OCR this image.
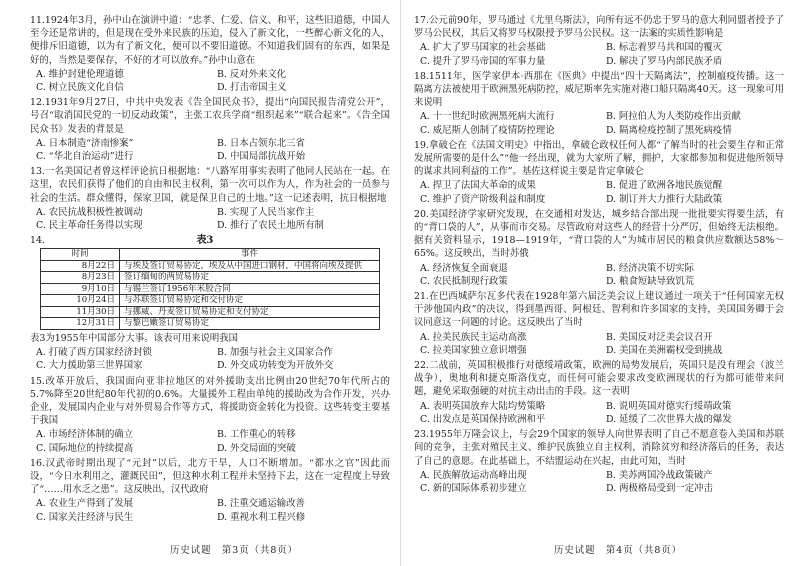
11.1924年3月，孙中山在演讲中道：“忠孝、仁爱、信义、和平，这些旧道德，中国人至今还是常讲的，但是现在受外来民族的压迫，侵入了新文化，一些醉心新文化的人，便排斥旧道德，以为有了新文化，便可以不要旧道德。不知道我们固有的东西，如果是好的，当然是要保存，不好的才可以放弃。”孙中山意在

A. 维护封建伦理道德	B. 反对外来文化
C. 树立民族文化自信	D. 打击帝国主义

12.1931年9月27日，中共中央发表《告全国民众书》，提出“向国民报告清党公开”，号召“取消国民党的一切反动政策”，主张工农兵学商“组织起来”“联合起来”。《告全国民众书》发表的背景是

A. 日本制造“济南惨案”	B. 日本占领东北三省
C. “华北自治运动”进行	D. 中国局部抗战开始

13.一名美国记者曾这样评论抗日根据地：“八路军用事实表明了他同人民站在一起。在这里，农民们获得了他们的自由和民主权利，第一次可以作为人，作为社会的一员参与社会的生活。群众懂得，保家卫国，就是保卫自己的土地。”这一记述表明，抗日根据地

A. 农民抗战积极性被调动	B. 实现了人民当家作主
C. 民主革命任务得以实现	D. 推行了农民土地所有制

14.	表3

时间	事件
8月22日	与埃及签订贸易协定，埃及从中国进口钢材，中国将向埃及提供
8月23日	签订缅甸的两贸易协定
9月10日	与锡兰签订1956年米胶合同
10月24日	与苏联签订贸易协定和交付协定
11月30日	与挪威、丹麦签订贸易协定和支付协定
12月31日	与黎巴嫩签订贸易协定

表3为1955年中国部分大事。该表可用来说明我国

A. 打破了西方国家经济封锁	B. 加强与社会主义国家合作
C. 大力援助第三世界国家	D. 外交成功转变为开放外交

15.改革开放后，我国面向亚非拉地区的对外援助支出比例由20世纪70年代所占的5.7%降至20世纪80年代初的0.6%。大量援外工程由单纯的援助改为合作开发，兴办企业，发展国内企业与对外贸易合作等方式，将援助资金转化为投资。这些转变主要基于我国

A. 市场经济体制的确立	B. 工作重心的转移
C. 国际地位的持续提高	D. 外交局面的突破

16.汉武帝时期出现了“元封”以后，北方干旱，人口不断增加。“都水之官”因此而设，“今日水利用之，灌溉民田”，但这种水利工程并未坚持下去，这在一定程度上导致了“……用水乏之患”。这反映出，汉代政府

A. 农业生产得到了发展	B. 注重交通运输改善
C. 国家关注经济与民生	D. 重视水利工程兴修
历史试题　第3页（共8页）

17.公元前90年，罗马通过《尤里乌斯法》，向所有远不仍忠于罗马的意大利同盟者授予了罗马公民权，其后又将罗马权限授予罗马公民权。这一法案的实质性影响是

A. 扩大了罗马国家的社会基础	B. 标志着罗马共和国的覆灭
C. 提升了罗马帝国的军事力量	D. 解决了罗马内部民族矛盾

18.1511年，医学家伊本·西那在《医典》中提出“四十天隔离法”，控制瘟疫传播。这一隔离方法被使用于欧洲黑死病防控，威尼斯率先实施对港口船只隔离40天。这一现象可用来说明

A. 十一世纪时欧洲黑死病大流行	B. 阿拉伯人为人类防疫作出贡献
C. 威尼斯人创制了疫情防控理论	D. 隔离检疫控制了黑死病疫情

19.拿破仑在《法国文明史》中指出，拿破仑政权任何人都“了解当时的社会要生存和正常发展所需要的是什么”“他一经出现，就为大家所了解，拥护，大家都参加和促进他所领导的谋求共同利益的工作”。基佐这样说主要是肯定拿破仑

A. 捍卫了法国大革命的成果	B. 促进了欧洲各地民族觉醒
C. 维护了资产阶级利益和制度	D. 制订并大力推行大陆政策

20.美国经济学家研究发现，在交通相对发达，城乡结合部出现一批批要实得要生活，有的“背口袋的人”，从事而市交易。尽管政府对这些人的经营十分严厉，但始终无法根绝。据有关资料显示，1918—1919年，“背口袋的人”为城市居民的粮食供应数额达58%～65%。这反映出，当时苏俄

A. 经济恢复全面衰退	B. 经济决策不切实际
C. 农民抵制现行政策	D. 粮食短缺导致饥荒

21.在巴西城萨尔瓦多代表在1928年第六届泛美会议上建议通过一项关于“任何国家无权干涉他国内政”的决议，得到墨西哥、阿根廷、智利和许多国家的支持，美国国务卿于会议同意这一问题的讨论。这反映出了当时

A. 拉美民族民主运动高涨	B. 美国反对泛美会议召开
C. 拉美国家独立意识增强	D. 美国在美洲霸权受到挑战

22.二战前，英国积极推行对德绥靖政策，欧洲的局势发展后，英国只是没有理会（波兰战争），奥地利和捷克斯洛伐克，而任何可能会要求改变欧洲现状的行为都可能带来问题，避免采取强硬的对抗主动出击的手段。这一表明

A. 表明英国放弃大陆均势策略	B. 说明英国对德实行绥靖政策
C. 出发点是英国保持欧洲和平	D. 延缓了二次世界大战的爆发

23.1955年万隆会议上，与会29个国家的领导人向世界表明了自己不愿意卷入美国和苏联间的竞争，主张对殖民主义、维护民族独立自主权利，消除贫穷和经济落后的任务，表达了自己的意愿。在此基础上，不结盟运动在兴起，由此可知，当时

A. 民族解放运动高峰出现	B. 美苏两国冷战政策破产
C. 新的国际体系初步建立	D. 两极格局受到一定冲击
历史试题　第4页（共8页）
